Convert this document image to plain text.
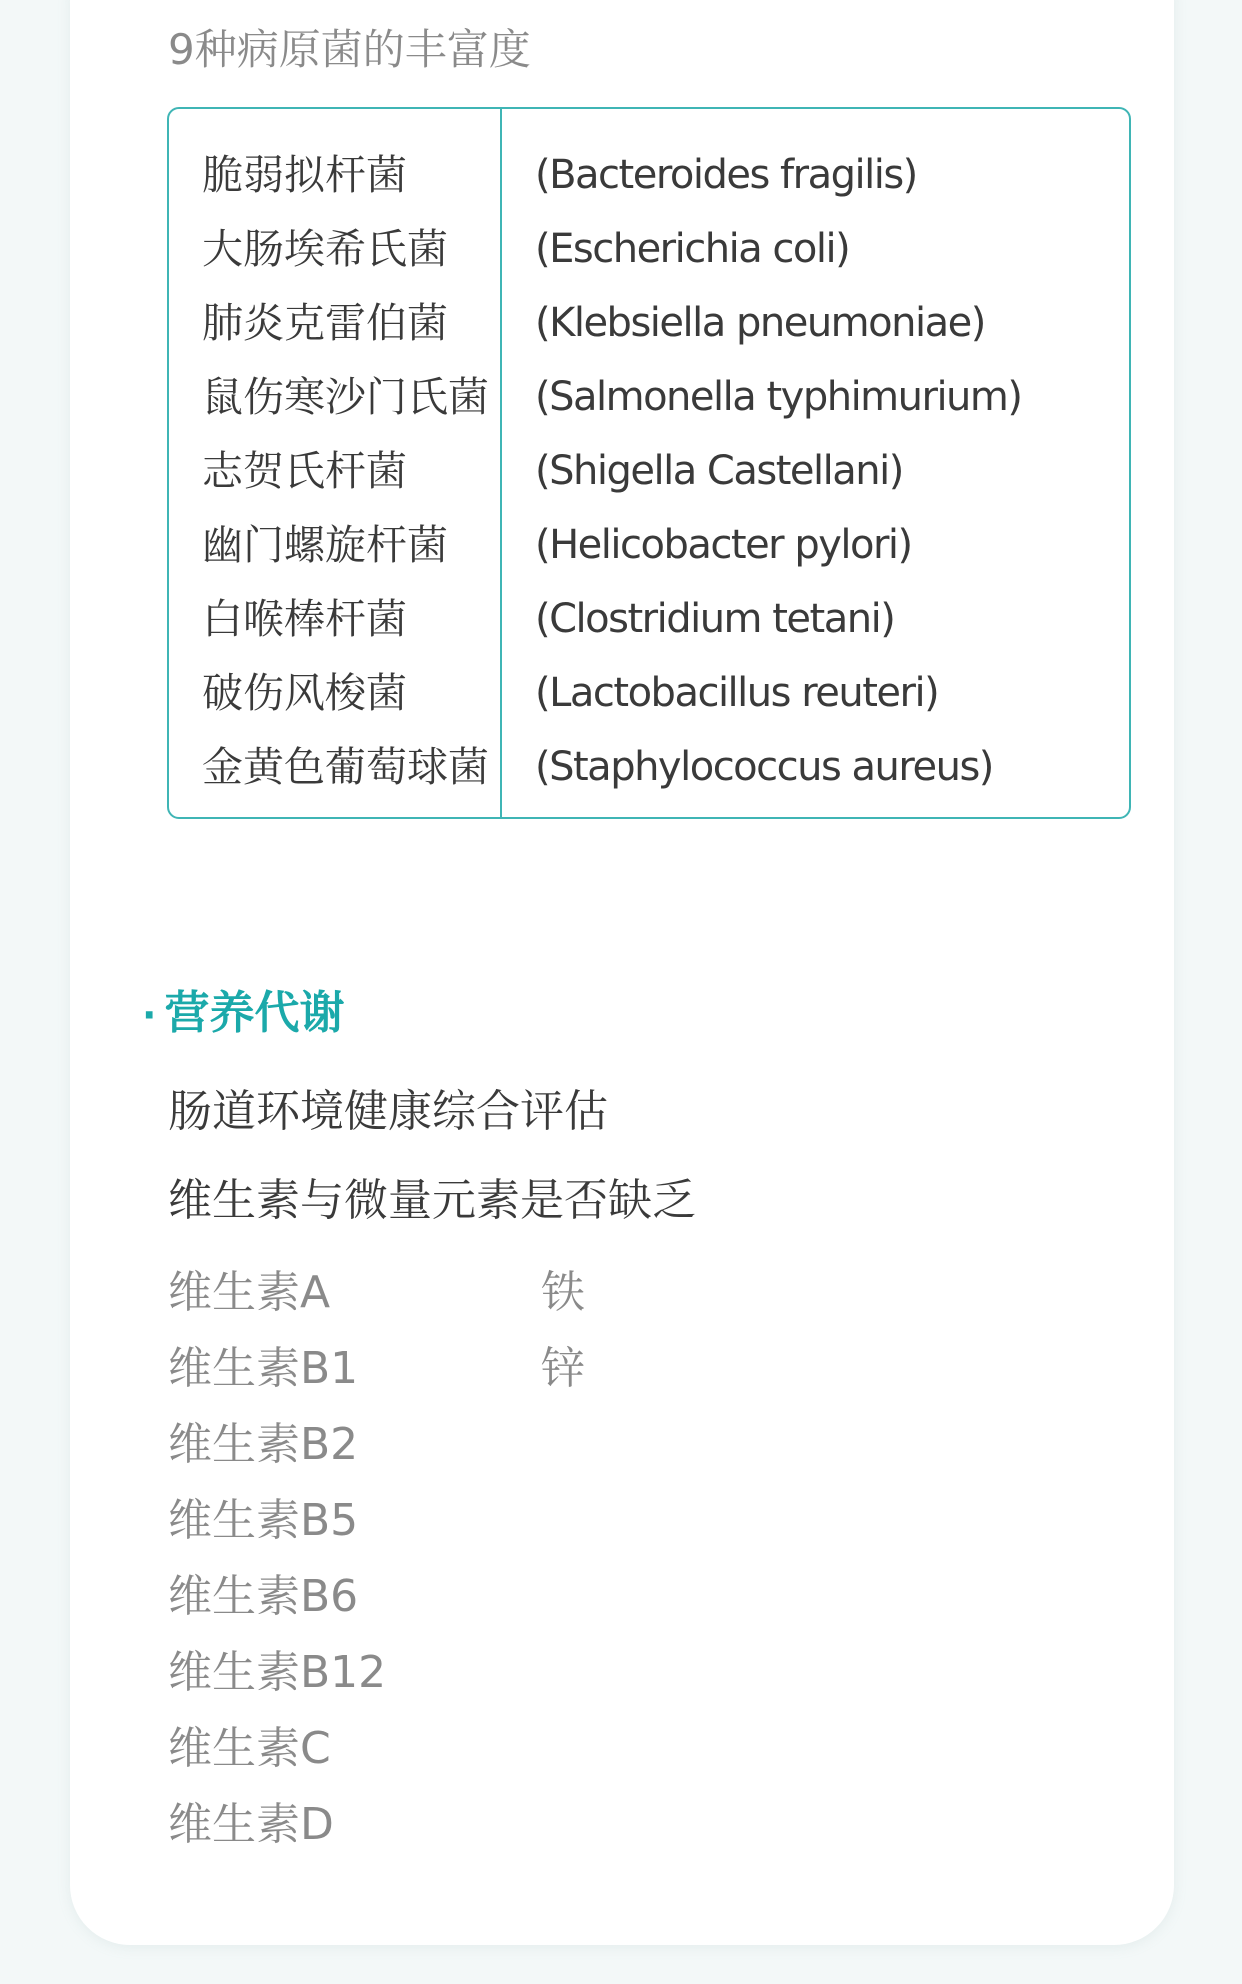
9种病原菌的丰富度
脆弱拟杆菌
大肠埃希氏菌
肺炎克雷伯菌
鼠伤寒沙门氏菌
志贺氏杆菌
幽门螺旋杆菌
白喉棒杆菌
破伤风梭菌
金黄色葡萄球菌
(Bacteroides fragilis)
(Escherichia coli)
(Klebsiella pneumoniae)
(Salmonella typhimurium)
(Shigella Castellani)
(Helicobacter pylori)
(Clostridium tetani)
(Lactobacillus reuteri)
(Staphylococcus aureus)
· 营养代谢
肠道环境健康综合评估
维生素与微量元素是否缺乏
维生素A
维生素B1
维生素B2
维生素B5
维生素B6
维生素B12
维生素C
维生素D
铁
锌
